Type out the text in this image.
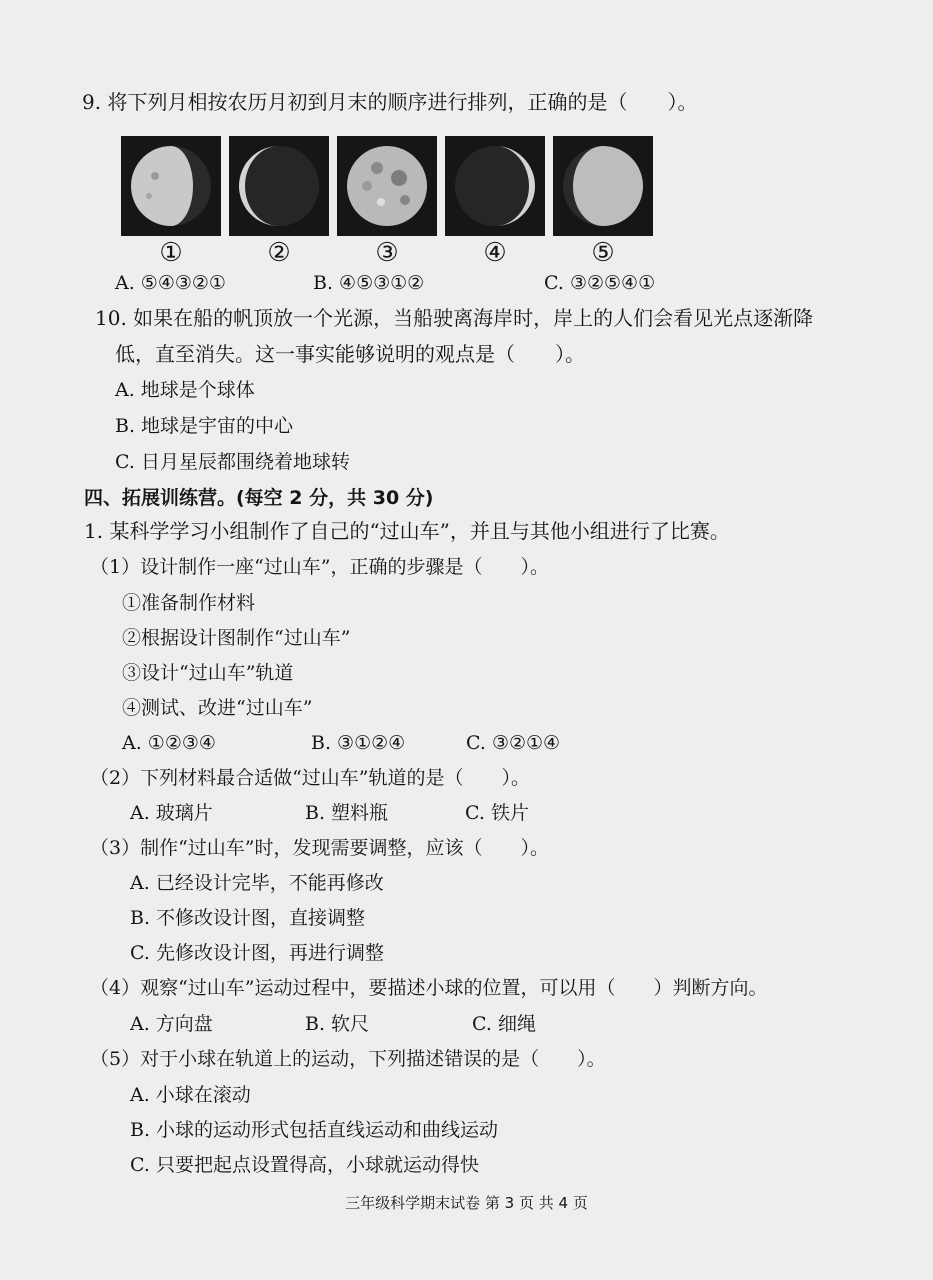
9. 将下列月相按农历月初到月末的顺序进行排列，正确的是（　　）。
①	②	③	④	⑤
A. ⑤④③②①	B. ④⑤③①②	C. ③②⑤④①
10. 如果在船的帆顶放一个光源，当船驶离海岸时，岸上的人们会看见光点逐渐降
低，直至消失。这一事实能够说明的观点是（　　）。
A. 地球是个球体
B. 地球是宇宙的中心
C. 日月星辰都围绕着地球转
四、拓展训练营。(每空 2 分，共 30 分)
1. 某科学学习小组制作了自己的“过山车”，并且与其他小组进行了比赛。
（1）设计制作一座“过山车”，正确的步骤是（　　）。
①准备制作材料
②根据设计图制作“过山车”
③设计“过山车”轨道
④测试、改进“过山车”
A. ①②③④	B. ③①②④	C. ③②①④
（2）下列材料最合适做“过山车”轨道的是（　　）。
A. 玻璃片	B. 塑料瓶	C. 铁片
（3）制作“过山车”时，发现需要调整，应该（　　）。
A. 已经设计完毕，不能再修改
B. 不修改设计图，直接调整
C. 先修改设计图，再进行调整
（4）观察“过山车”运动过程中，要描述小球的位置，可以用（　　）判断方向。
A. 方向盘	B. 软尺	C. 细绳
（5）对于小球在轨道上的运动，下列描述错误的是（　　）。
A. 小球在滚动
B. 小球的运动形式包括直线运动和曲线运动
C. 只要把起点设置得高，小球就运动得快
三年级科学期末试卷 第 3 页 共 4 页
